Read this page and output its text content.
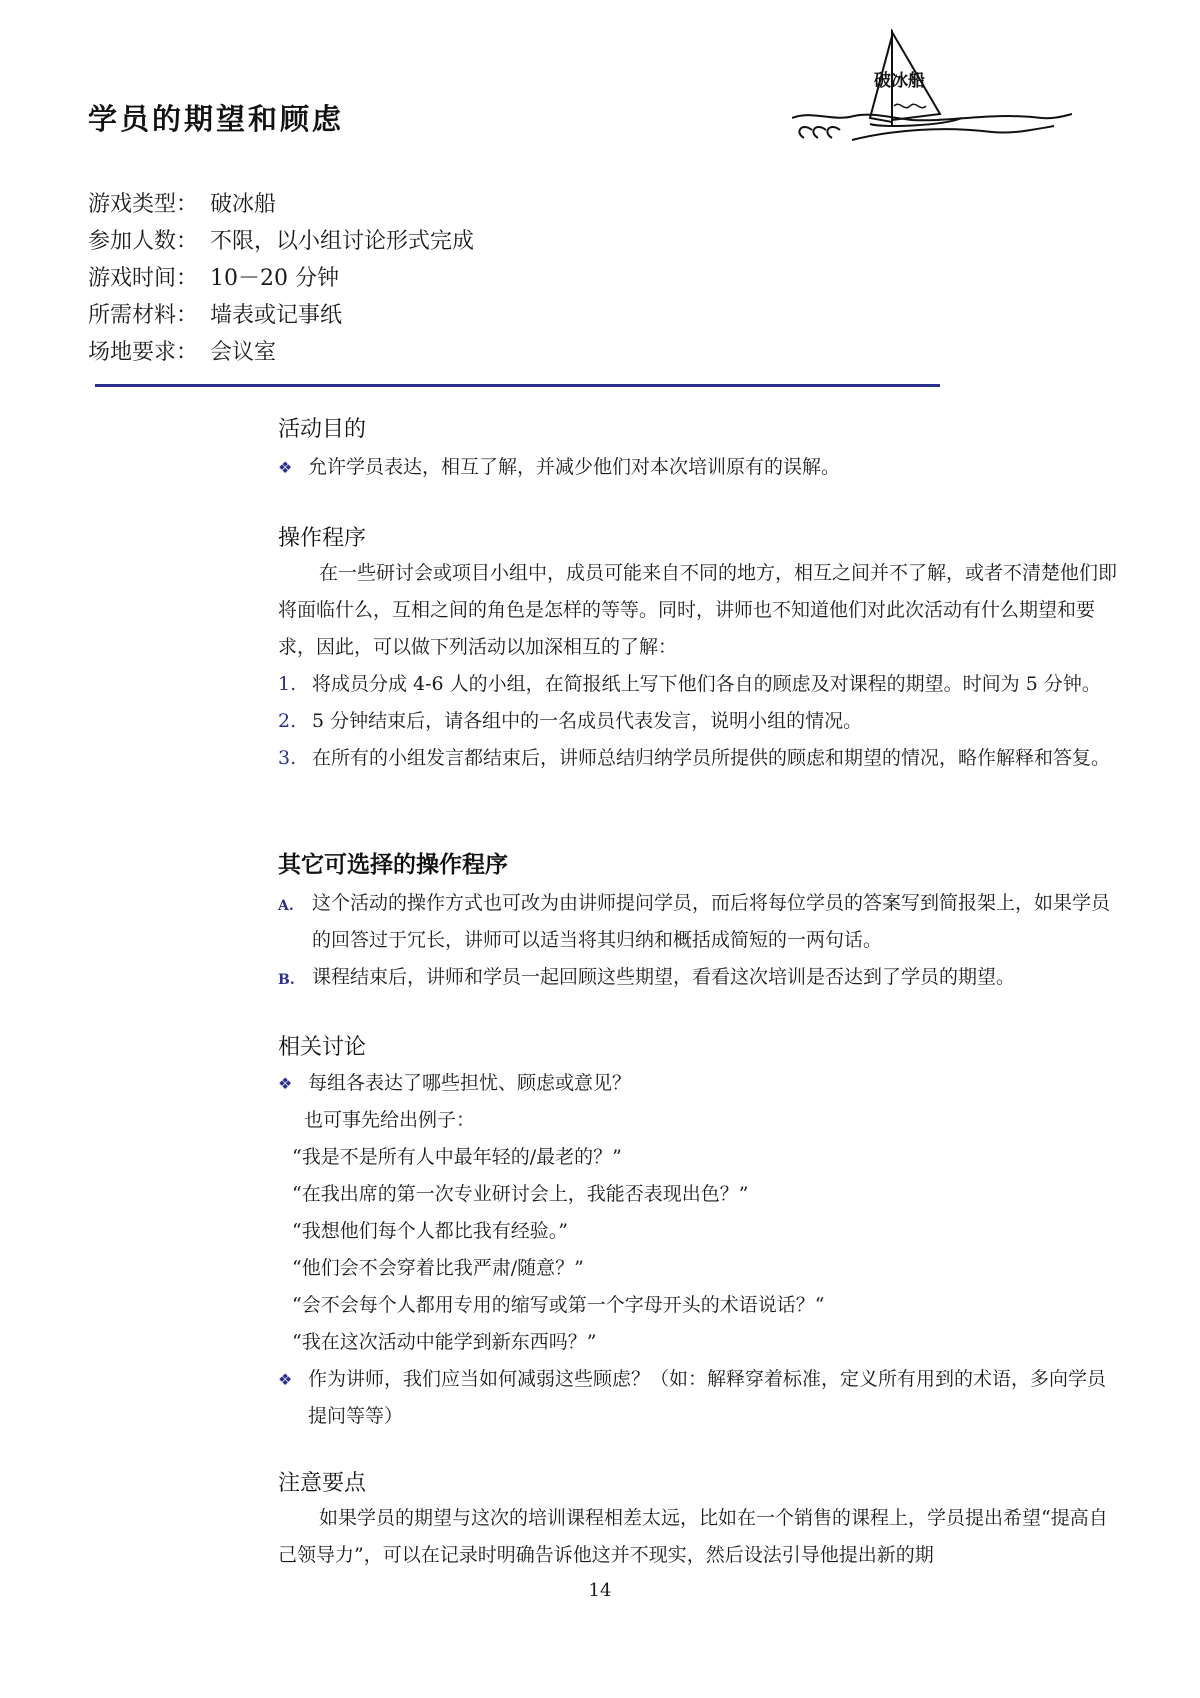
学员的期望和顾虑
破冰船
游戏类型： 破冰船
参加人数： 不限，以小组讨论形式完成
游戏时间： 10－20 分钟
所需材料： 墙表或记事纸
场地要求： 会议室
活动目的
❖ 允许学员表达，相互了解，并减少他们对本次培训原有的误解。
操作程序
在一些研讨会或项目小组中，成员可能来自不同的地方，相互之间并不了解，或者不清楚他们即将面临什么，互相之间的角色是怎样的等等。同时，讲师也不知道他们对此次活动有什么期望和要求，因此，可以做下列活动以加深相互的了解：
1. 将成员分成 4-6 人的小组，在简报纸上写下他们各自的顾虑及对课程的期望。时间为 5 分钟。
2. 5 分钟结束后，请各组中的一名成员代表发言，说明小组的情况。
3. 在所有的小组发言都结束后，讲师总结归纳学员所提供的顾虑和期望的情况，略作解释和答复。
其它可选择的操作程序
A. 这个活动的操作方式也可改为由讲师提问学员，而后将每位学员的答案写到简报架上，如果学员的回答过于冗长，讲师可以适当将其归纳和概括成简短的一两句话。
B. 课程结束后，讲师和学员一起回顾这些期望，看看这次培训是否达到了学员的期望。
相关讨论
❖ 每组各表达了哪些担忧、顾虑或意见？
也可事先给出例子：
“我是不是所有人中最年轻的/最老的？”
“在我出席的第一次专业研讨会上，我能否表现出色？”
“我想他们每个人都比我有经验。”
“他们会不会穿着比我严肃/随意？”
“会不会每个人都用专用的缩写或第一个字母开头的术语说话？“
“我在这次活动中能学到新东西吗？”
❖ 作为讲师，我们应当如何减弱这些顾虑？（如：解释穿着标准，定义所有用到的术语，多向学员提问等等）
注意要点
如果学员的期望与这次的培训课程相差太远，比如在一个销售的课程上，学员提出希望“提高自己领导力”，可以在记录时明确告诉他这并不现实，然后设法引导他提出新的期
14
